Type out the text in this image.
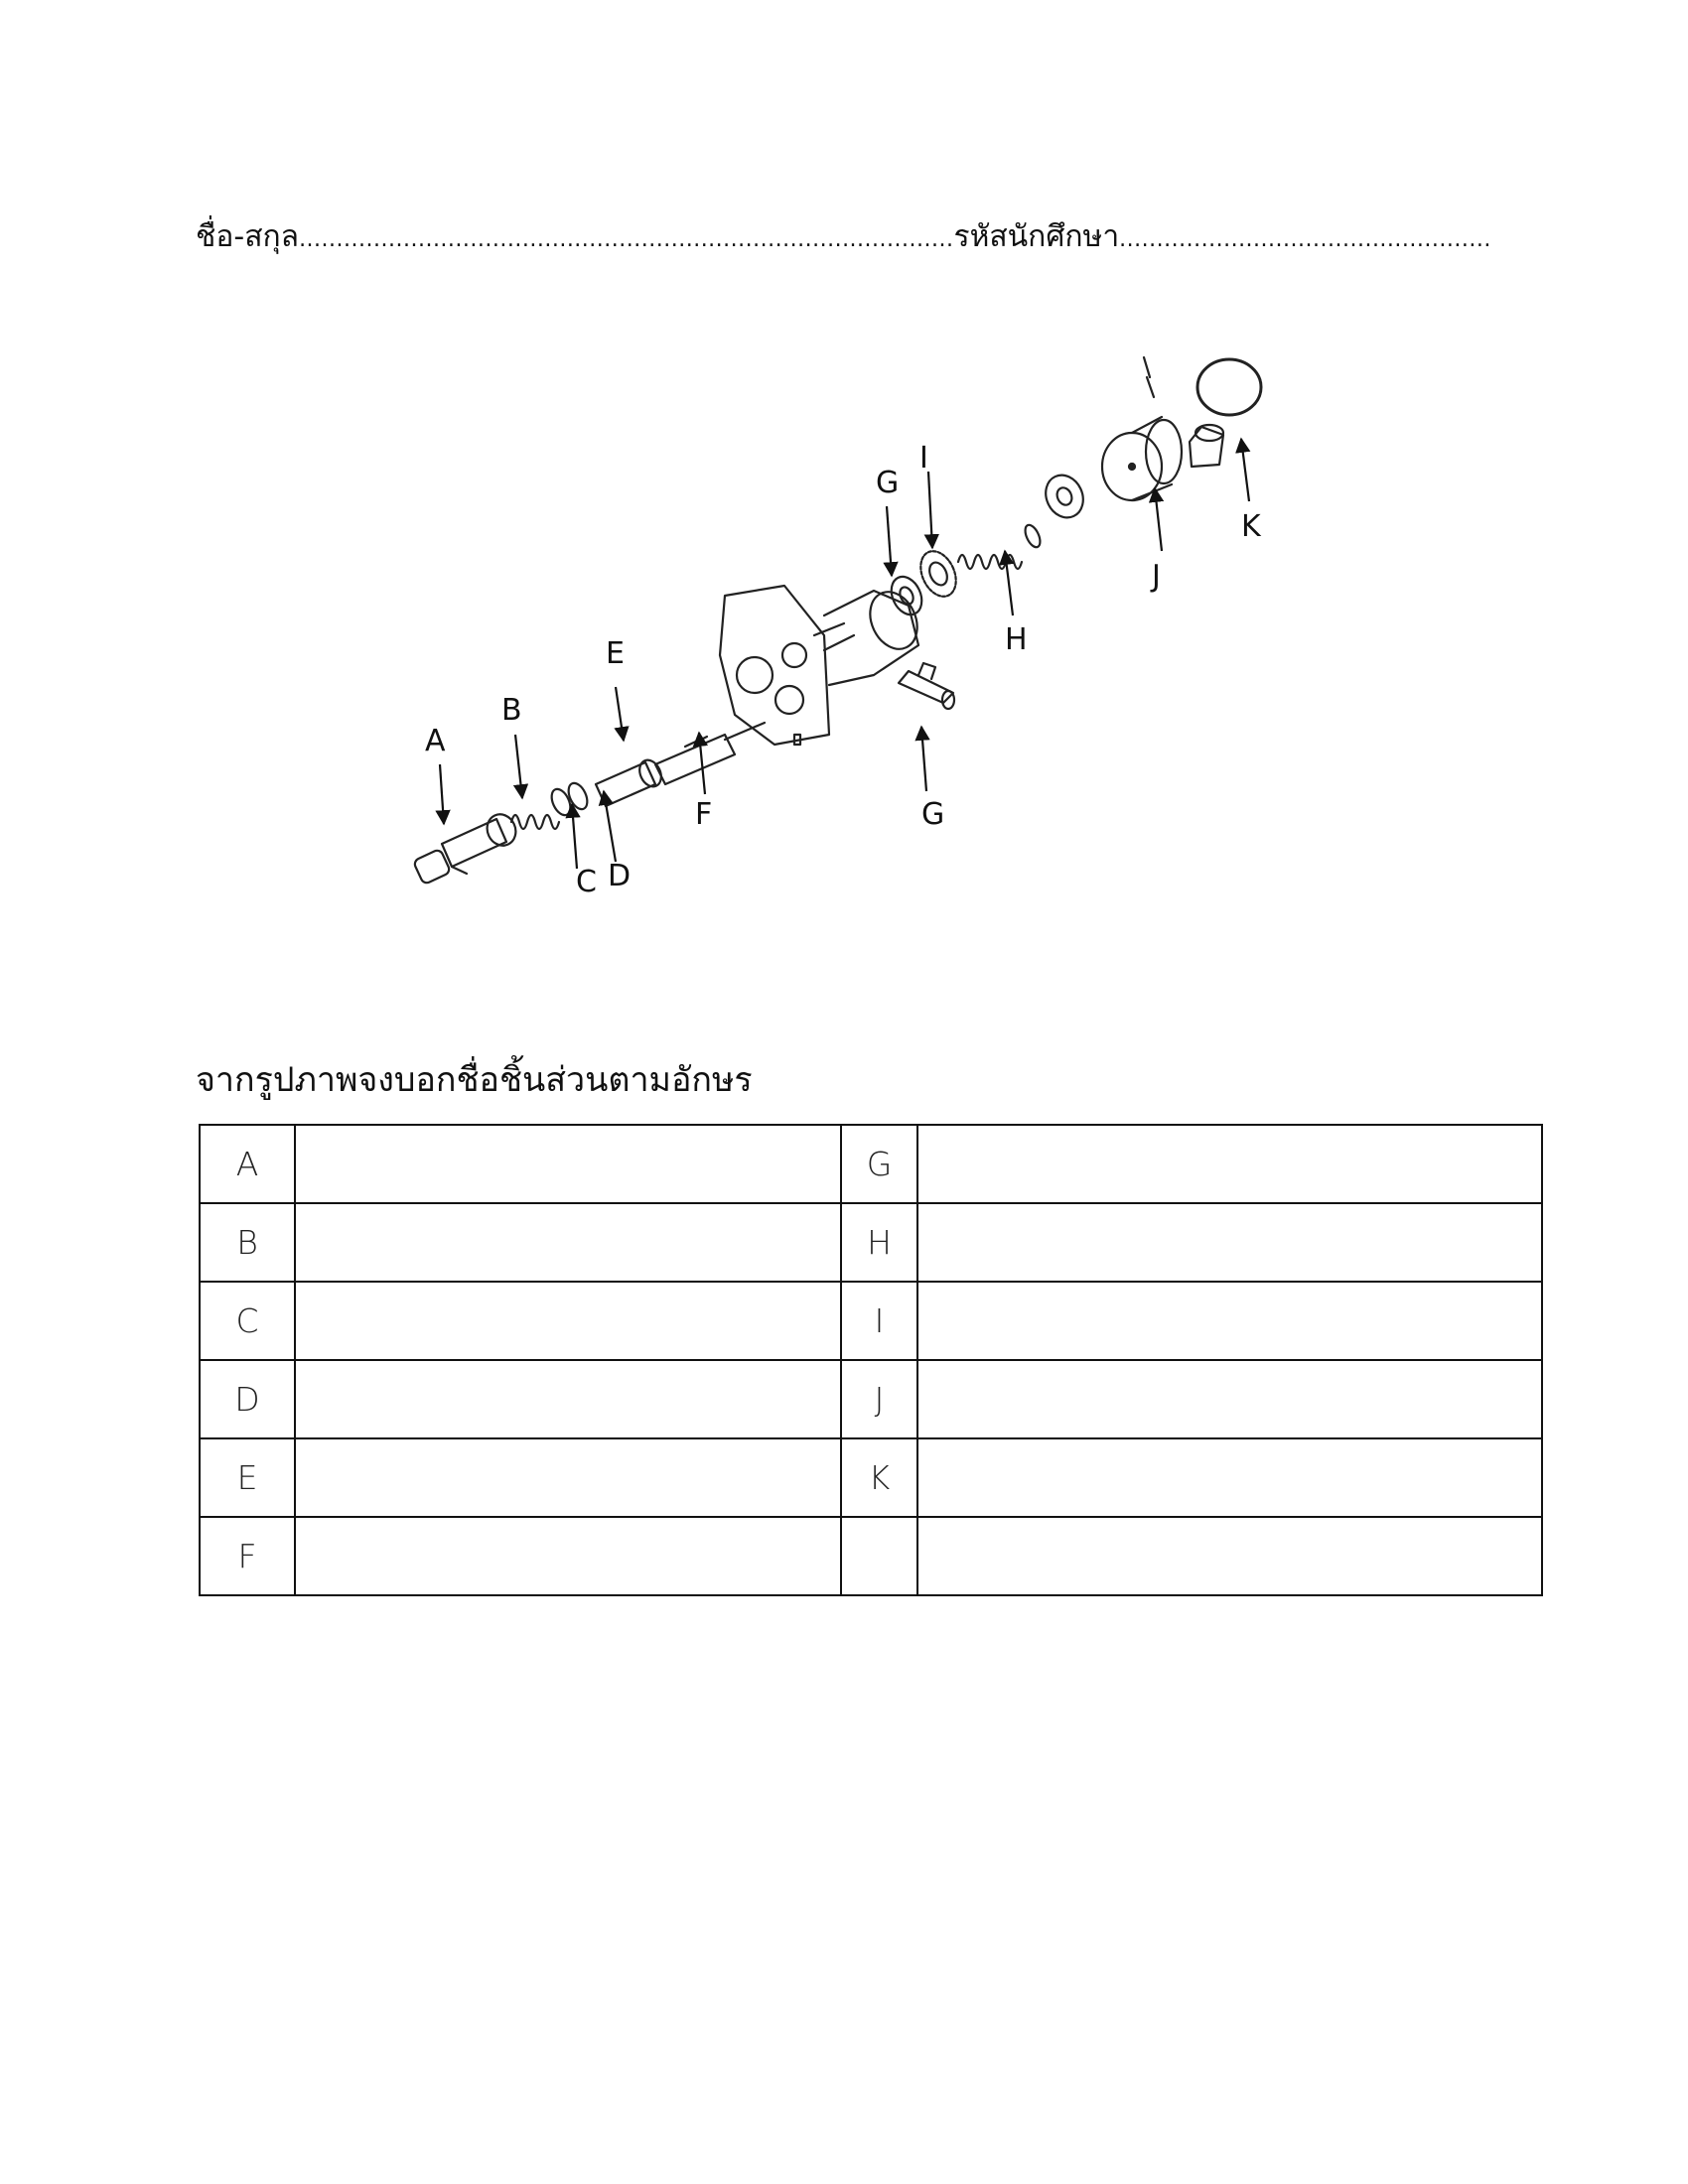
ชื่อ-สกุล........................................................................................รหัสนักศึกษา..................................................
A
B
C D
E
F
G
I
H
J
K
G
จากรูปภาพจงบอกชื่อชิ้นส่วนตามอักษร
A		G	
B		H	
C		I	
D		J	
E		K	
F			
